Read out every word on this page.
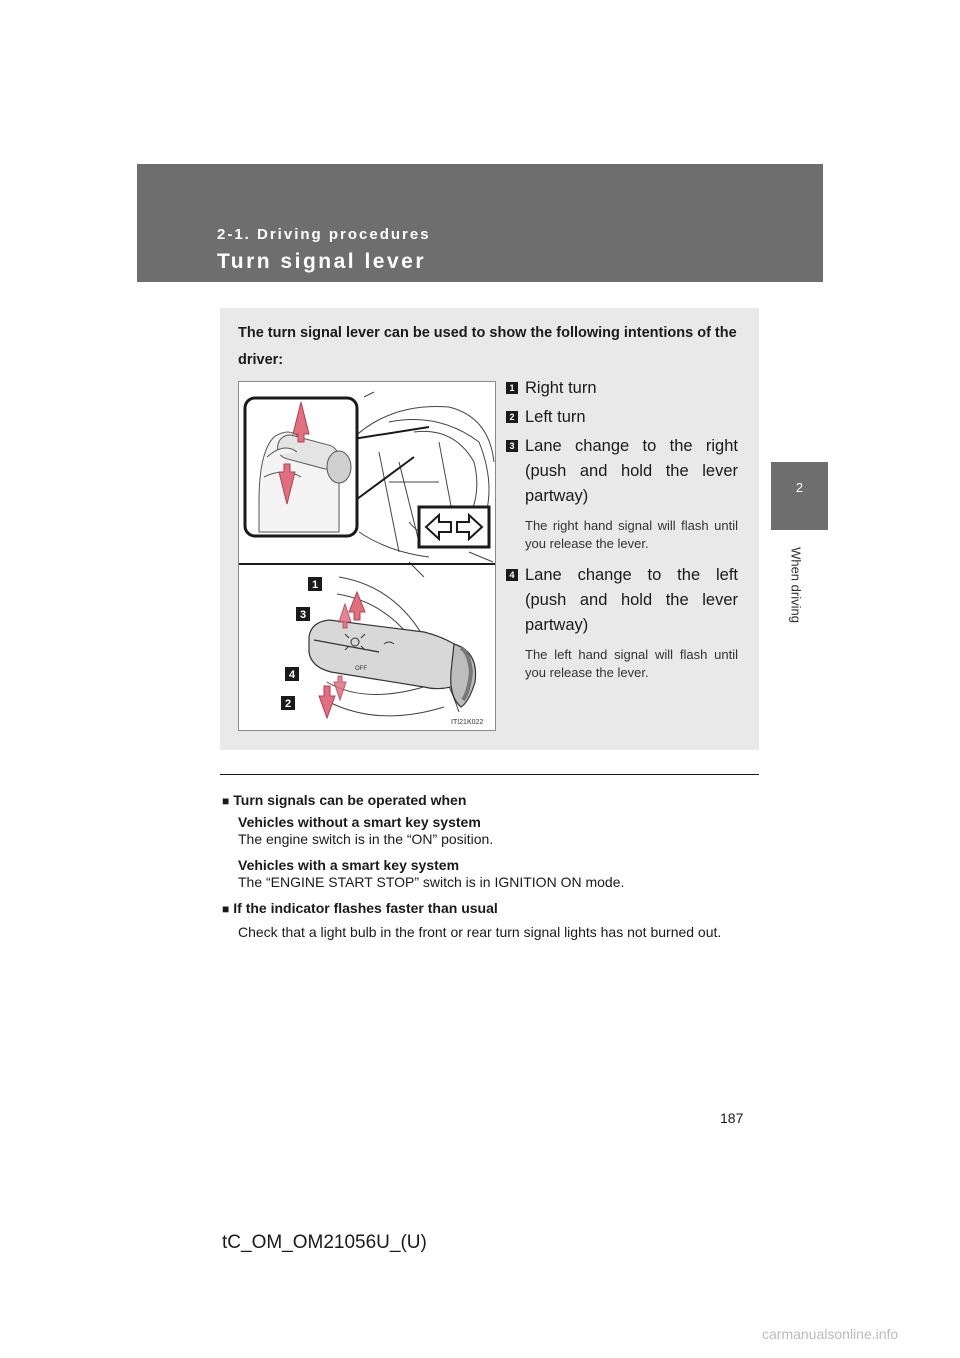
2-1. Driving procedures
Turn signal lever
2
When driving
The turn signal lever can be used to show the following intentions of the driver:
OFF
1
3
4
2
ITI21K022
1 Right turn
2 Left turn
3 Lane change to the right (push and hold the lever partway)
The right hand signal will flash until you release the lever.
4 Lane change to the left (push and hold the lever partway)
The left hand signal will flash until you release the lever.
■ Turn signals can be operated when
Vehicles without a smart key system
The engine switch is in the “ON” position.
Vehicles with a smart key system
The “ENGINE START STOP” switch is in IGNITION ON mode.
■ If the indicator flashes faster than usual
Check that a light bulb in the front or rear turn signal lights has not burned out.
187
tC_OM_OM21056U_(U)
carmanualsonline.info
